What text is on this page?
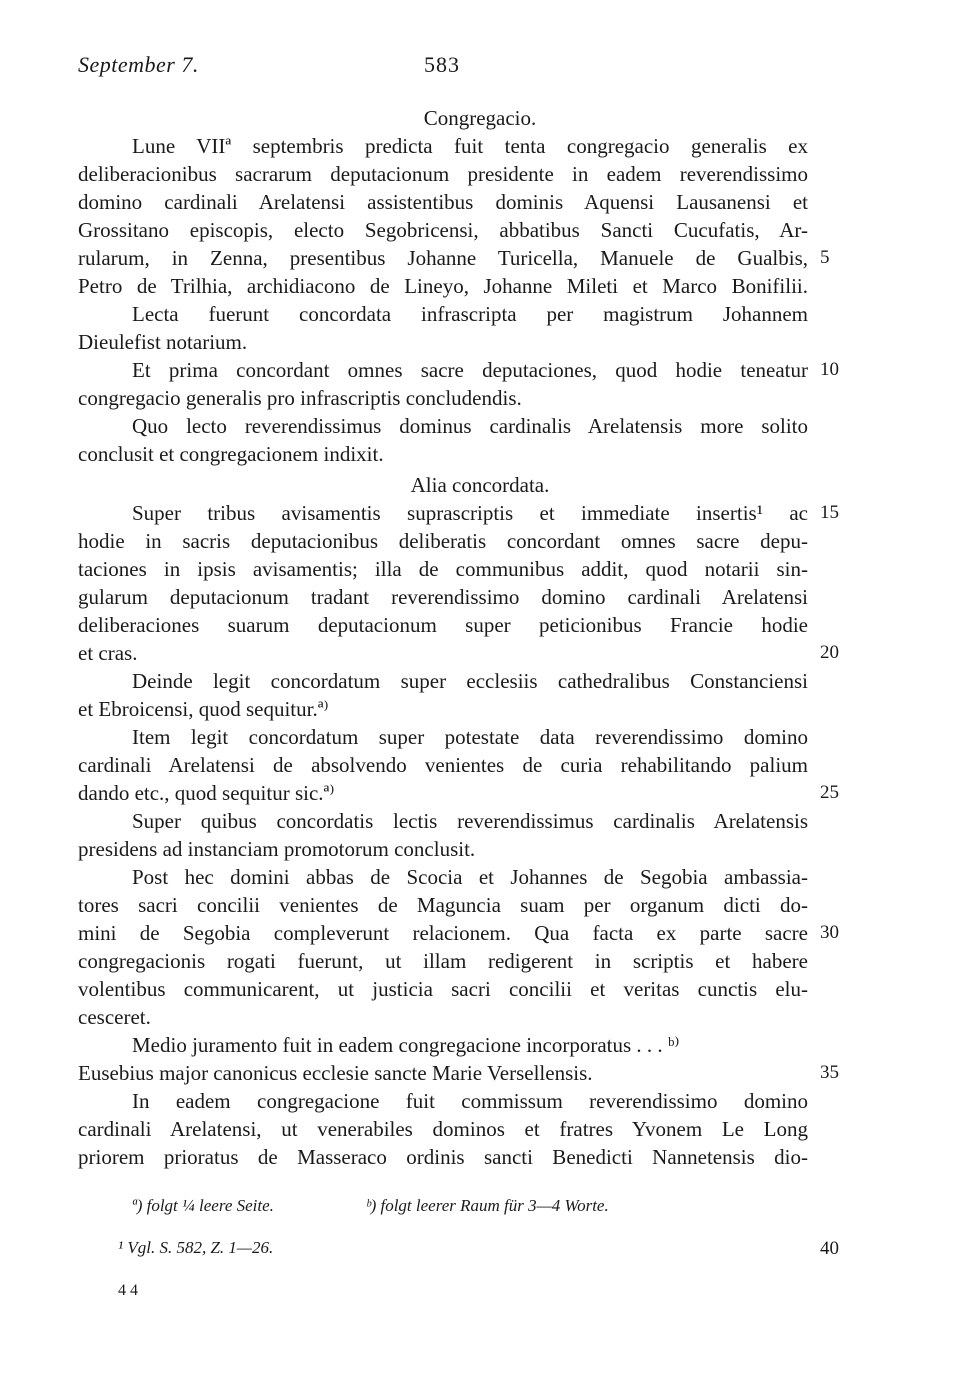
September 7.	583
Congregacio.
Lune VIIª septembris predicta fuit tenta congregacio generalis ex
deliberacionibus sacrarum deputacionum presidente in eadem reverendissimo
domino cardinali Arelatensi assistentibus dominis Aquensi Lausanensi et
Grossitano episcopis, electo Segobricensi, abbatibus Sancti Cucufatis, Ar-
rularum, in Zenna, presentibus Johanne Turicella, Manuele de Gualbis,
Petro de Trilhia, archidiacono de Lineyo, Johanne Mileti et Marco Bonifilii.
Lecta fuerunt concordata infrascripta per magistrum Johannem
Dieulefist notarium.
Et prima concordant omnes sacre deputaciones, quod hodie teneatur
congregacio generalis pro infrascriptis concludendis.
Quo lecto reverendissimus dominus cardinalis Arelatensis more solito
conclusit et congregacionem indixit.
Alia concordata.
Super tribus avisamentis suprascriptis et immediate insertis¹ ac
hodie in sacris deputacionibus deliberatis concordant omnes sacre depu-
taciones in ipsis avisamentis; illa de communibus addit, quod notarii sin-
gularum deputacionum tradant reverendissimo domino cardinali Arelatensi
deliberaciones suarum deputacionum super peticionibus Francie hodie
et cras.
Deinde legit concordatum super ecclesiis cathedralibus Constanciensi
et Ebroicensi, quod sequitur.ª⁾
Item legit concordatum super potestate data reverendissimo domino
cardinali Arelatensi de absolvendo venientes de curia rehabilitando palium
dando etc., quod sequitur sic.ª⁾
Super quibus concordatis lectis reverendissimus cardinalis Arelatensis
presidens ad instanciam promotorum conclusit.
Post hec domini abbas de Scocia et Johannes de Segobia ambassia-
tores sacri concilii venientes de Maguncia suam per organum dicti do-
mini de Segobia compleverunt relacionem. Qua facta ex parte sacre
congregacionis rogati fuerunt, ut illam redigerent in scriptis et habere
volentibus communicarent, ut justicia sacri concilii et veritas cunctis elu-
cesceret.
Medio juramento fuit in eadem congregacione incorporatus . . . ᵇ⁾
Eusebius major canonicus ecclesie sancte Marie Versellensis.
In eadem congregacione fuit commissum reverendissimo domino
cardinali Arelatensi, ut venerabiles dominos et fratres Yvonem Le Long
priorem prioratus de Masseraco ordinis sancti Benedicti Nannetensis dio-
5
10
15
20
25
30
35
40
ª) folgt ¼ leere Seite.	ᵇ) folgt leerer Raum für 3—4 Worte.
¹ Vgl. S. 582, Z. 1—26.
4 4
